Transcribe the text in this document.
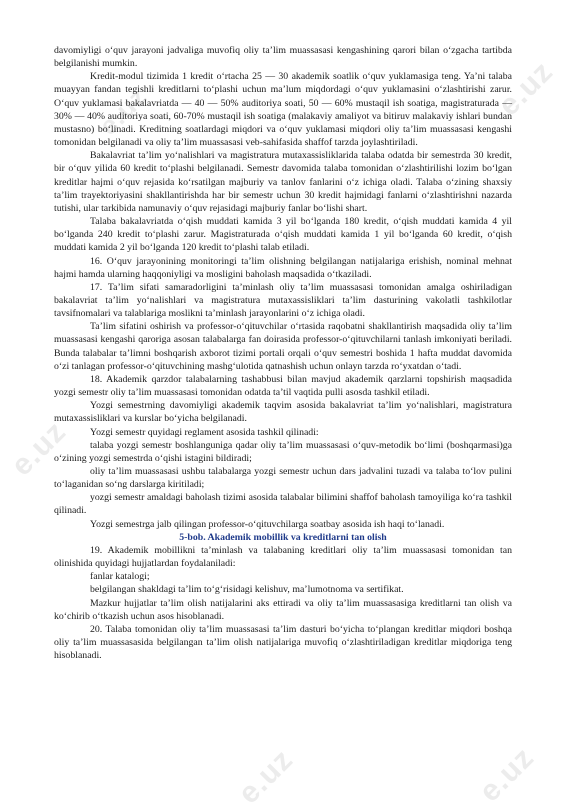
e.uz
e.uz
e.uz	e.uz
e.uz

davomiyligi o‘quv jarayoni jadvaliga muvofiq oliy ta’lim muassasasi kengashining qarori bilan o‘zgacha tartibda belgilanishi mumkin.

Kredit-modul tizimida 1 kredit o‘rtacha 25 — 30 akademik soatlik o‘quv yuklamasiga teng. Ya’ni talaba muayyan fandan tegishli kreditlarni to‘plashi uchun ma’lum miqdordagi o‘quv yuklamasini o‘zlashtirishi zarur. O‘quv yuklamasi bakalavriatda — 40 — 50% auditoriya soati, 50 — 60% mustaqil ish soatiga, magistraturada — 30% — 40% auditoriya soati, 60-70% mustaqil ish soatiga (malakaviy amaliyot va bitiruv malakaviy ishlari bundan mustasno) bo‘linadi. Kreditning soatlardagi miqdori va o‘quv yuklamasi miqdori oliy ta’lim muassasasi kengashi tomonidan belgilanadi va oliy ta’lim muassasasi veb-sahifasida shaffof tarzda joylashtiriladi.

Bakalavriat ta’lim yo‘nalishlari va magistratura mutaxassisliklarida talaba odatda bir semestrda 30 kredit, bir o‘quv yilida 60 kredit to‘plashi belgilanadi. Semestr davomida talaba tomonidan o‘zlashtirilishi lozim bo‘lgan kreditlar hajmi o‘quv rejasida ko‘rsatilgan majburiy va tanlov fanlarini o‘z ichiga oladi. Talaba o‘zining shaxsiy ta’lim trayektoriyasini shakllantirishda har bir semestr uchun 30 kredit hajmidagi fanlarni o‘zlashtirishni nazarda tutishi, ular tarkibida namunaviy o‘quv rejasidagi majburiy fanlar bo‘lishi shart.

Talaba bakalavriatda o‘qish muddati kamida 3 yil bo‘lganda 180 kredit, o‘qish muddati kamida 4 yil bo‘lganda 240 kredit to‘plashi zarur. Magistraturada o‘qish muddati kamida 1 yil bo‘lganda 60 kredit, o‘qish muddati kamida 2 yil bo‘lganda 120 kredit to‘plashi talab etiladi.

16. O‘quv jarayonining monitoringi ta’lim olishning belgilangan natijalariga erishish, nominal mehnat hajmi hamda ularning haqqoniyligi va mosligini baholash maqsadida o‘tkaziladi.

17. Ta’lim sifati samaradorligini ta’minlash oliy ta’lim muassasasi tomonidan amalga oshiriladigan bakalavriat ta’lim yo‘nalishlari va magistratura mutaxassisliklari ta’lim dasturining vakolatli tashkilotlar tavsifnomalari va talablariga moslikni ta’minlash jarayonlarini o‘z ichiga oladi.

Ta’lim sifatini oshirish va professor-o‘qituvchilar o‘rtasida raqobatni shakllantirish maqsadida oliy ta’lim muassasasi kengashi qaroriga asosan talabalarga fan doirasida professor-o‘qituvchilarni tanlash imkoniyati beriladi. Bunda talabalar ta’limni boshqarish axborot tizimi portali orqali o‘quv semestri boshida 1 hafta muddat davomida o‘zi tanlagan professor-o‘qituvchining mashg‘ulotida qatnashish uchun onlayn tarzda ro‘yxatdan o‘tadi.

18. Akademik qarzdor talabalarning tashabbusi bilan mavjud akademik qarzlarni topshirish maqsadida yozgi semestr oliy ta’lim muassasasi tomonidan odatda ta’til vaqtida pulli asosda tashkil etiladi.

Yozgi semestrning davomiyligi akademik taqvim asosida bakalavriat ta’lim yo‘nalishlari, magistratura mutaxassisliklari va kurslar bo‘yicha belgilanadi.

Yozgi semestr quyidagi reglament asosida tashkil qilinadi:

talaba yozgi semestr boshlanguniga qadar oliy ta’lim muassasasi o‘quv-metodik bo‘limi (boshqarmasi)ga o‘zining yozgi semestrda o‘qishi istagini bildiradi;

oliy ta’lim muassasasi ushbu talabalarga yozgi semestr uchun dars jadvalini tuzadi va talaba to‘lov pulini to‘laganidan so‘ng darslarga kiritiladi;

yozgi semestr amaldagi baholash tizimi asosida talabalar bilimini shaffof baholash tamoyiliga ko‘ra tashkil qilinadi.

Yozgi semestrga jalb qilingan professor-o‘qituvchilarga soatbay asosida ish haqi to‘lanadi.

5-bob. Akademik mobillik va kreditlarni tan olish

19. Akademik mobillikni ta’minlash va talabaning kreditlari oliy ta’lim muassasasi tomonidan tan olinishida quyidagi hujjatlardan foydalaniladi:

fanlar katalogi;

belgilangan shakldagi ta’lim to‘g‘risidagi kelishuv, ma’lumotnoma va sertifikat.

Mazkur hujjatlar ta’lim olish natijalarini aks ettiradi va oliy ta’lim muassasasiga kreditlarni tan olish va ko‘chirib o‘tkazish uchun asos hisoblanadi.

20. Talaba tomonidan oliy ta’lim muassasasi ta’lim dasturi bo‘yicha to‘plangan kreditlar miqdori boshqa oliy ta’lim muassasasida belgilangan ta’lim olish natijalariga muvofiq o‘zlashtiriladigan kreditlar miqdoriga teng hisoblanadi.
